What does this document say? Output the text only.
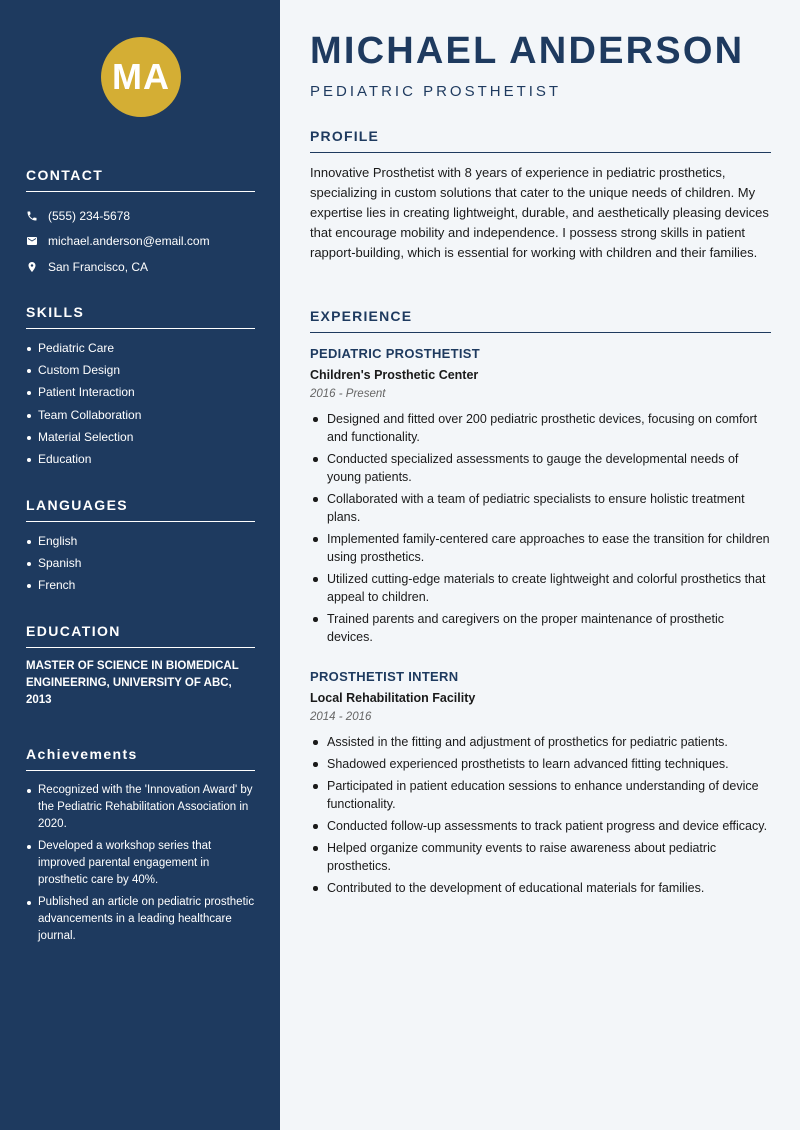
MA
CONTACT
(555) 234-5678
michael.anderson@email.com
San Francisco, CA
SKILLS
Pediatric Care
Custom Design
Patient Interaction
Team Collaboration
Material Selection
Education
LANGUAGES
English
Spanish
French
EDUCATION
MASTER OF SCIENCE IN BIOMEDICAL ENGINEERING, UNIVERSITY OF ABC, 2013
Achievements
Recognized with the 'Innovation Award' by the Pediatric Rehabilitation Association in 2020.
Developed a workshop series that improved parental engagement in prosthetic care by 40%.
Published an article on pediatric prosthetic advancements in a leading healthcare journal.
MICHAEL ANDERSON
PEDIATRIC PROSTHETIST
PROFILE

Innovative Prosthetist with 8 years of experience in pediatric prosthetics, specializing in custom solutions that cater to the unique needs of children. My expertise lies in creating lightweight, durable, and aesthetically pleasing devices that encourage mobility and independence. I possess strong skills in patient rapport-building, which is essential for working with children and their families.

EXPERIENCE
PEDIATRIC PROSTHETIST
Children's Prosthetic Center
2016 - Present
Designed and fitted over 200 pediatric prosthetic devices, focusing on comfort and functionality.
Conducted specialized assessments to gauge the developmental needs of young patients.
Collaborated with a team of pediatric specialists to ensure holistic treatment plans.
Implemented family-centered care approaches to ease the transition for children using prosthetics.
Utilized cutting-edge materials to create lightweight and colorful prosthetics that appeal to children.
Trained parents and caregivers on the proper maintenance of prosthetic devices.
PROSTHETIST INTERN
Local Rehabilitation Facility
2014 - 2016
Assisted in the fitting and adjustment of prosthetics for pediatric patients.
Shadowed experienced prosthetists to learn advanced fitting techniques.
Participated in patient education sessions to enhance understanding of device functionality.
Conducted follow-up assessments to track patient progress and device efficacy.
Helped organize community events to raise awareness about pediatric prosthetics.
Contributed to the development of educational materials for families.
